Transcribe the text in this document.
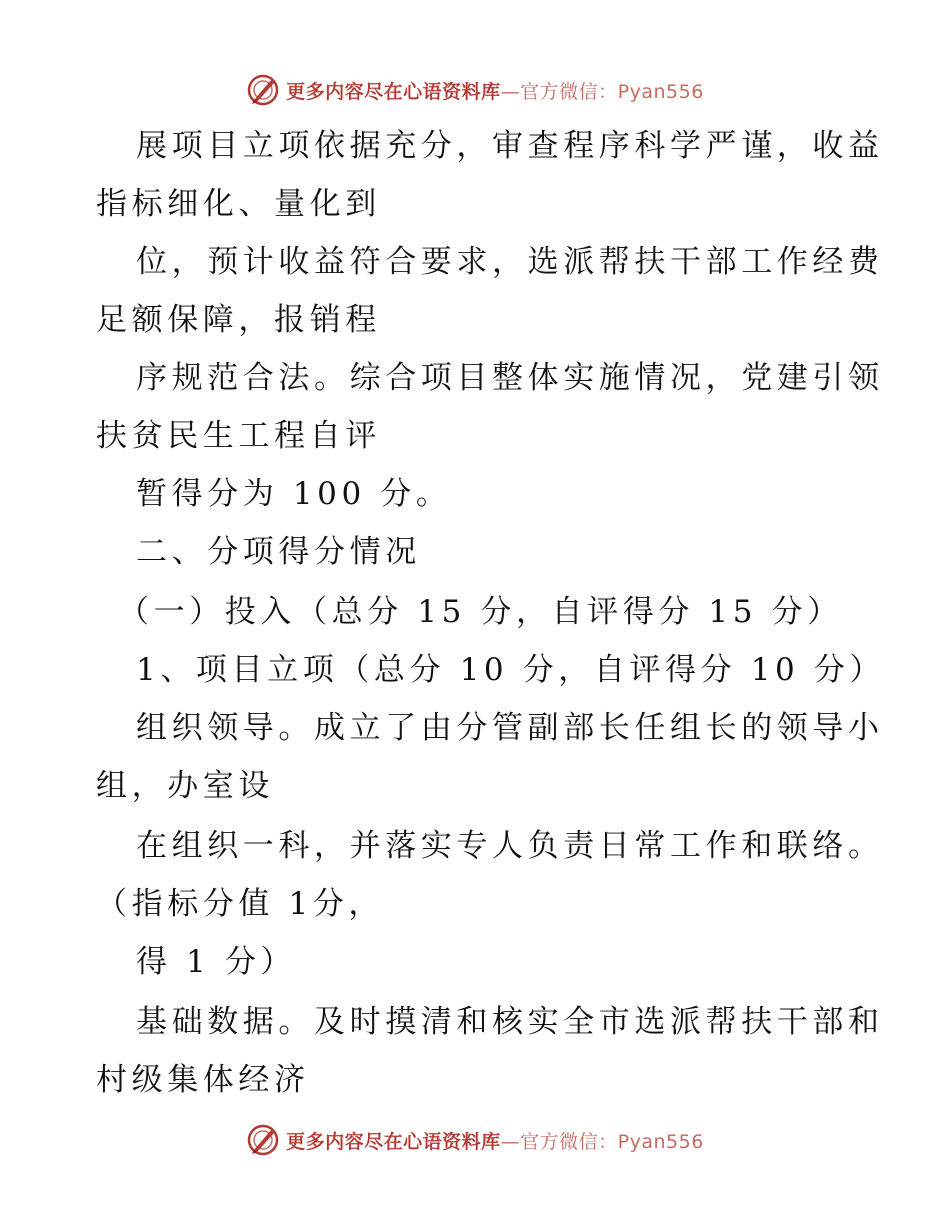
更多内容尽在心语资料库—官方微信：Pyan556
展项目立项依据充分，审查程序科学严谨，收益
指标细化、量化到
位，预计收益符合要求，选派帮扶干部工作经费
足额保障，报销程
序规范合法。综合项目整体实施情况，党建引领
扶贫民生工程自评
暂得分为 100 分。
二、分项得分情况
（一）投入（总分 15 分，自评得分 15 分）
1、项目立项（总分 10 分，自评得分 10 分）
组织领导。成立了由分管副部长任组长的领导小
组，办室设
在组织一科，并落实专人负责日常工作和联络。
（指标分值 1分，
得 1 分）
基础数据。及时摸清和核实全市选派帮扶干部和
村级集体经济
更多内容尽在心语资料库—官方微信：Pyan556
